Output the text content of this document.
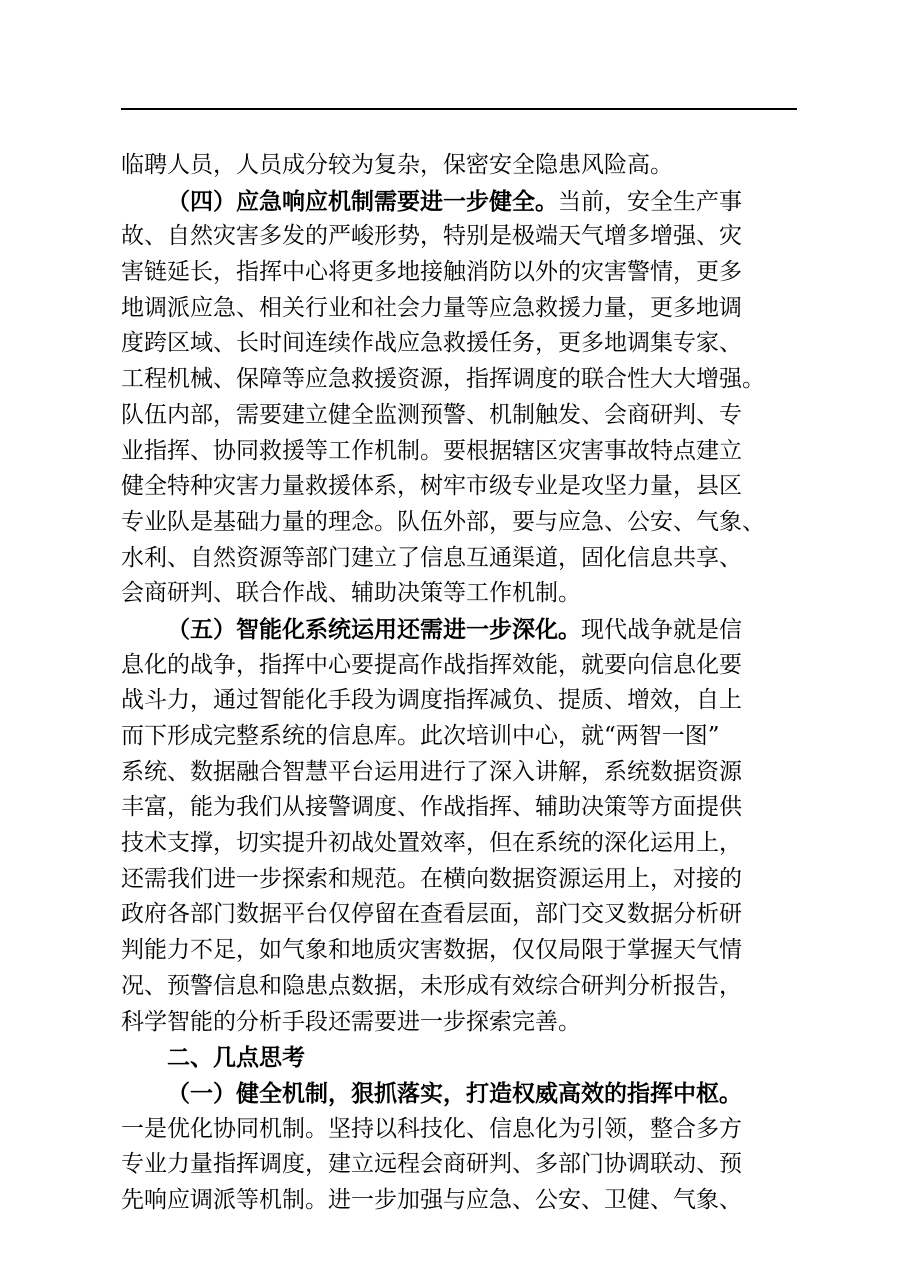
临聘人员，人员成分较为复杂，保密安全隐患风险高。
（四）应急响应机制需要进一步健全。当前，安全生产事
故、自然灾害多发的严峻形势，特别是极端天气增多增强、灾
害链延长，指挥中心将更多地接触消防以外的灾害警情，更多
地调派应急、相关行业和社会力量等应急救援力量，更多地调
度跨区域、长时间连续作战应急救援任务，更多地调集专家、
工程机械、保障等应急救援资源，指挥调度的联合性大大增强。
队伍内部，需要建立健全监测预警、机制触发、会商研判、专
业指挥、协同救援等工作机制。要根据辖区灾害事故特点建立
健全特种灾害力量救援体系，树牢市级专业是攻坚力量，县区
专业队是基础力量的理念。队伍外部，要与应急、公安、气象、
水利、自然资源等部门建立了信息互通渠道，固化信息共享、
会商研判、联合作战、辅助决策等工作机制。
（五）智能化系统运用还需进一步深化。现代战争就是信
息化的战争，指挥中心要提高作战指挥效能，就要向信息化要
战斗力，通过智能化手段为调度指挥减负、提质、增效，自上
而下形成完整系统的信息库。此次培训中心，就“两智一图”
系统、数据融合智慧平台运用进行了深入讲解，系统数据资源
丰富，能为我们从接警调度、作战指挥、辅助决策等方面提供
技术支撑，切实提升初战处置效率，但在系统的深化运用上，
还需我们进一步探索和规范。在横向数据资源运用上，对接的
政府各部门数据平台仅停留在查看层面，部门交叉数据分析研
判能力不足，如气象和地质灾害数据，仅仅局限于掌握天气情
况、预警信息和隐患点数据，未形成有效综合研判分析报告，
科学智能的分析手段还需要进一步探索完善。
二、几点思考
（一）健全机制，狠抓落实，打造权威高效的指挥中枢。
一是优化协同机制。坚持以科技化、信息化为引领，整合多方
专业力量指挥调度，建立远程会商研判、多部门协调联动、预
先响应调派等机制。进一步加强与应急、公安、卫健、气象、
